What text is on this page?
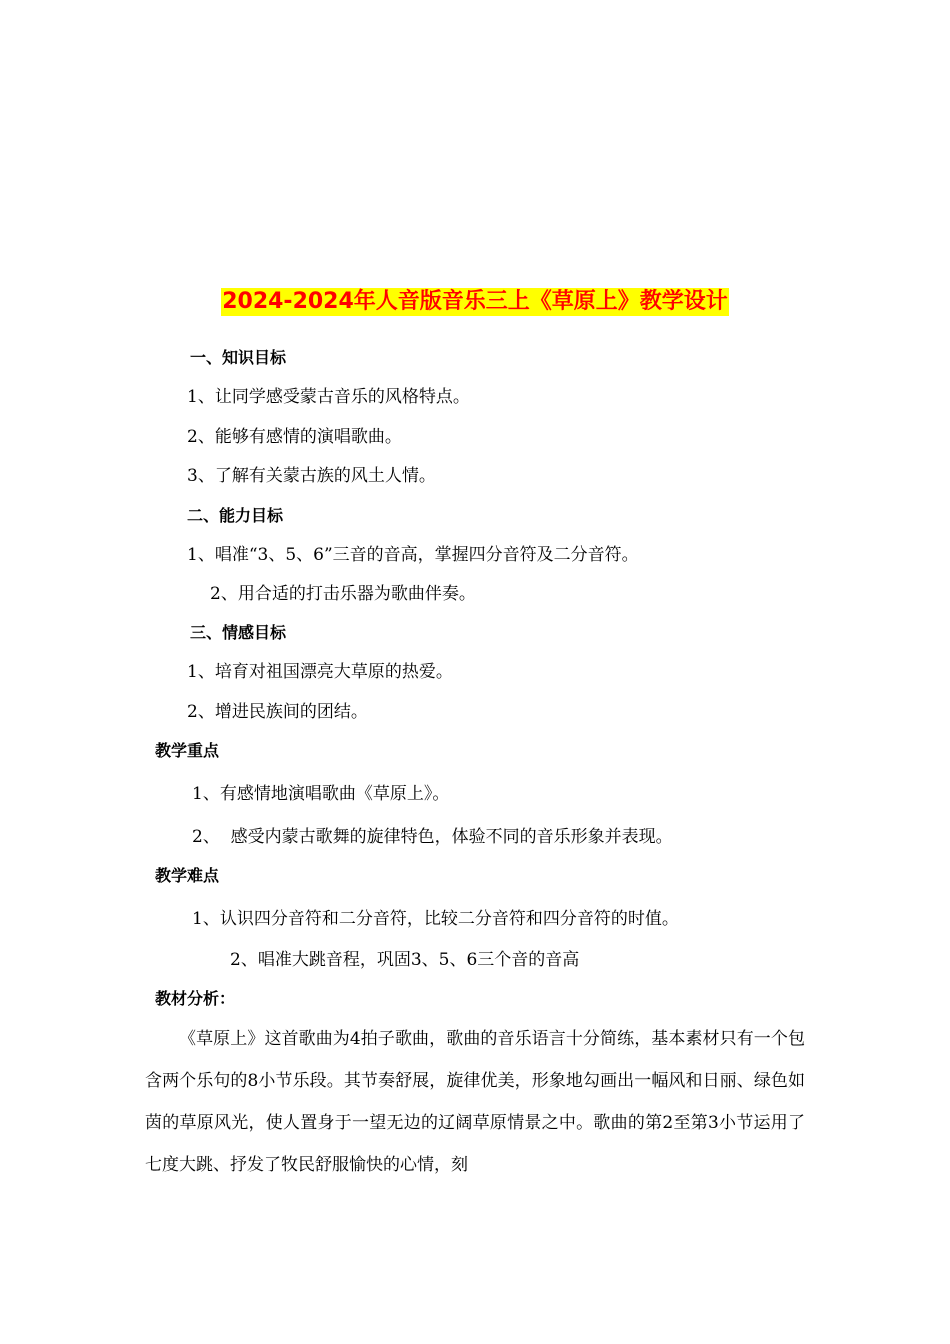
2024-2024年人音版音乐三上《草原上》教学设计
一、知识目标
1、让同学感受蒙古音乐的风格特点。
2、能够有感情的演唱歌曲。
3、了解有关蒙古族的风土人情。
二、能力目标
1、唱准“3、5、6”三音的音高，掌握四分音符及二分音符。
2、用合适的打击乐器为歌曲伴奏。
三、情感目标
1、培育对祖国漂亮大草原的热爱。
2、增进民族间的团结。
教学重点
1、有感情地演唱歌曲《草原上》。
2、  感受内蒙古歌舞的旋律特色，体验不同的音乐形象并表现。
教学难点
1、认识四分音符和二分音符，比较二分音符和四分音符的时值。
2、唱准大跳音程，巩固3、5、6三个音的音高
教材分析：
《草原上》这首歌曲为4拍子歌曲，歌曲的音乐语言十分简练，基本素材只有一个包含两个乐句的8小节乐段。其节奏舒展，旋律优美，形象地勾画出一幅风和日丽、绿色如茵的草原风光，使人置身于一望无边的辽阔草原情景之中。歌曲的第2至第3小节运用了七度大跳、抒发了牧民舒服愉快的心情，刻
